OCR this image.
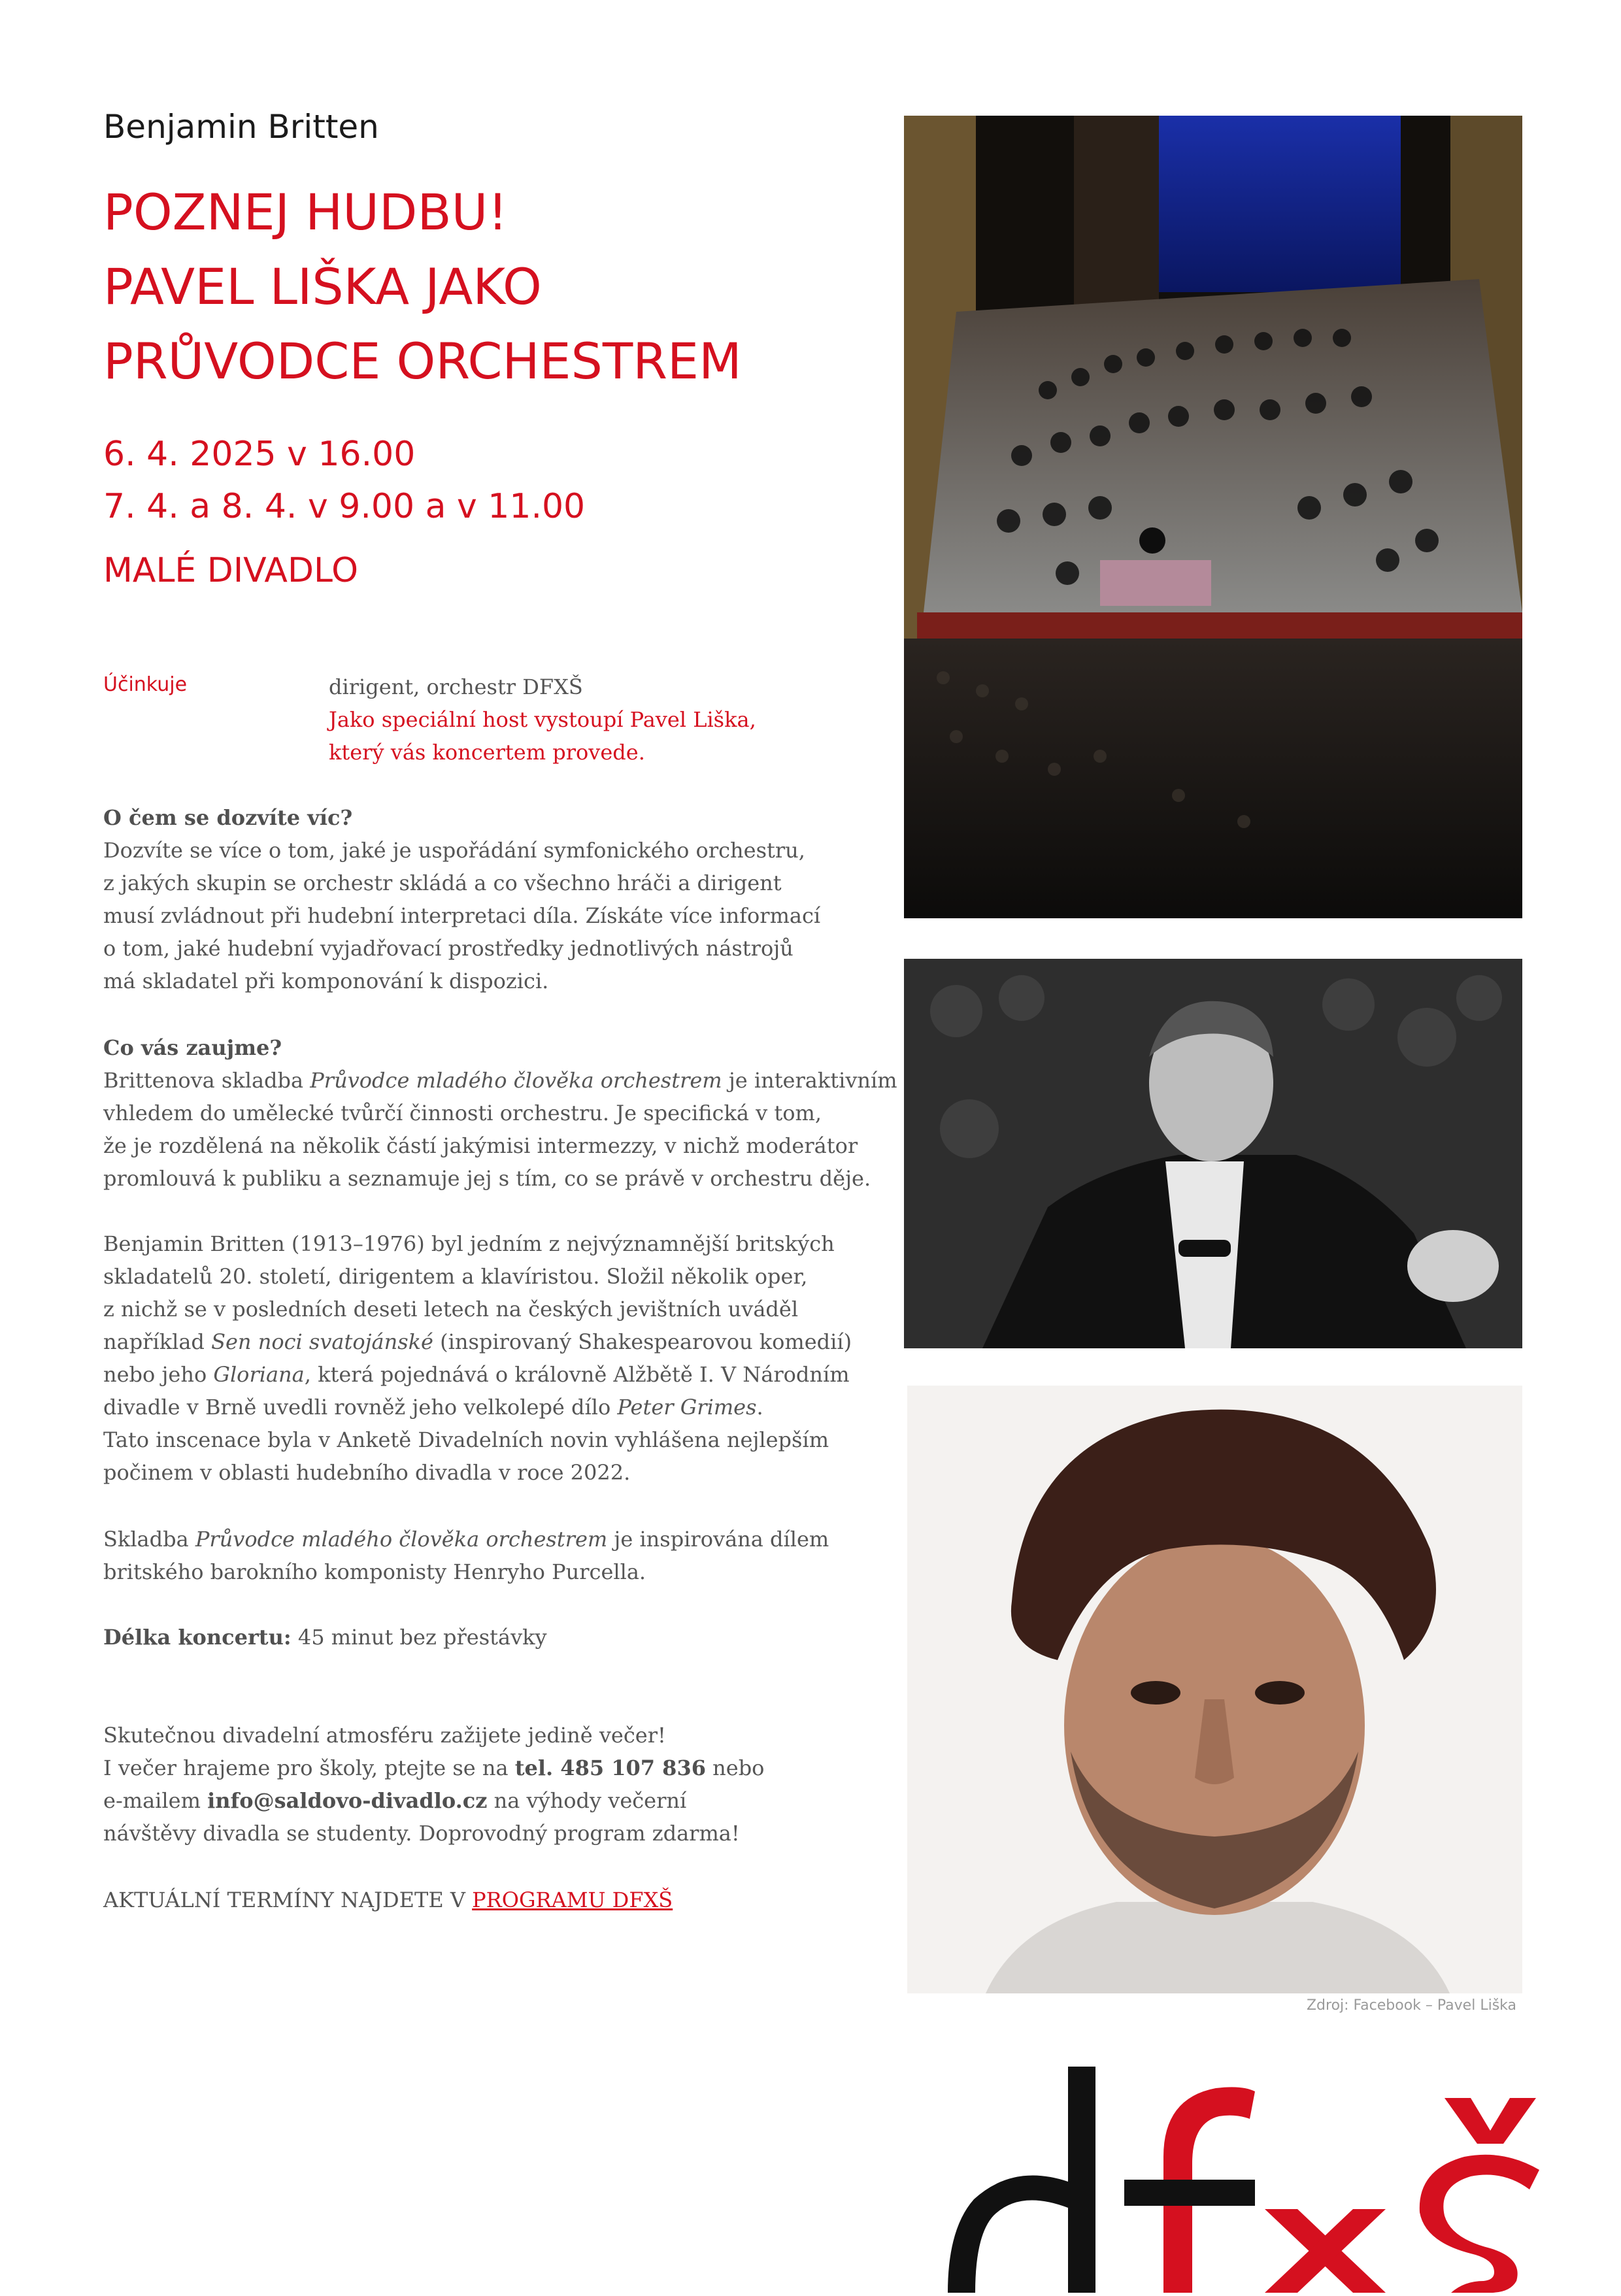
Benjamin Britten
POZNEJ HUDBU!
PAVEL LIŠKA JAKO
PRŮVODCE ORCHESTREM
6. 4. 2025 v 16.00
7. 4. a 8. 4. v 9.00 a v 11.00
MALÉ DIVADLO
Účinkuje	dirigent, orchestr DFXŠ
Jako speciální host vystoupí Pavel Liška,
který vás koncertem provede.
O čem se dozvíte víc?
Dozvíte se více o tom, jaké je uspořádání symfonického orchestru,
z jakých skupin se orchestr skládá a co všechno hráči a dirigent
musí zvládnout při hudební interpretaci díla. Získáte více informací
o tom, jaké hudební vyjadřovací prostředky jednotlivých nástrojů
má skladatel při komponování k dispozici.
Co vás zaujme?
Brittenova skladba Průvodce mladého člověka orchestrem je interaktivním
vhledem do umělecké tvůrčí činnosti orchestru. Je specifická v tom,
že je rozdělená na několik částí jakýmisi intermezzy, v nichž moderátor
promlouvá k publiku a seznamuje jej s tím, co se právě v orchestru děje.
Benjamin Britten (1913–1976) byl jedním z nejvýznamnější britských
skladatelů 20. století, dirigentem a klavíristou. Složil několik oper,
z nichž se v posledních deseti letech na českých jevištních uváděl
například Sen noci svatojánské (inspirovaný Shakespearovou komedií)
nebo jeho Gloriana, která pojednává o královně Alžbětě I. V Národním
divadle v Brně uvedli rovněž jeho velkolepé dílo Peter Grimes.
Tato inscenace byla v Anketě Divadelních novin vyhlášena nejlepším
počinem v oblasti hudebního divadla v roce 2022.
Skladba Průvodce mladého člověka orchestrem je inspirována dílem
britského barokního komponisty Henryho Purcella.
Délka koncertu: 45 minut bez přestávky
Skutečnou divadelní atmosféru zažijete jedině večer!
I večer hrajeme pro školy, ptejte se na tel. 485 107 836 nebo
e-mailem info@saldovo-divadlo.cz na výhody večerní
návštěvy divadla se studenty. Doprovodný program zdarma!
AKTUÁLNÍ TERMÍNY NAJDETE V PROGRAMU DFXŠ
Zdroj: Facebook – Pavel Liška
